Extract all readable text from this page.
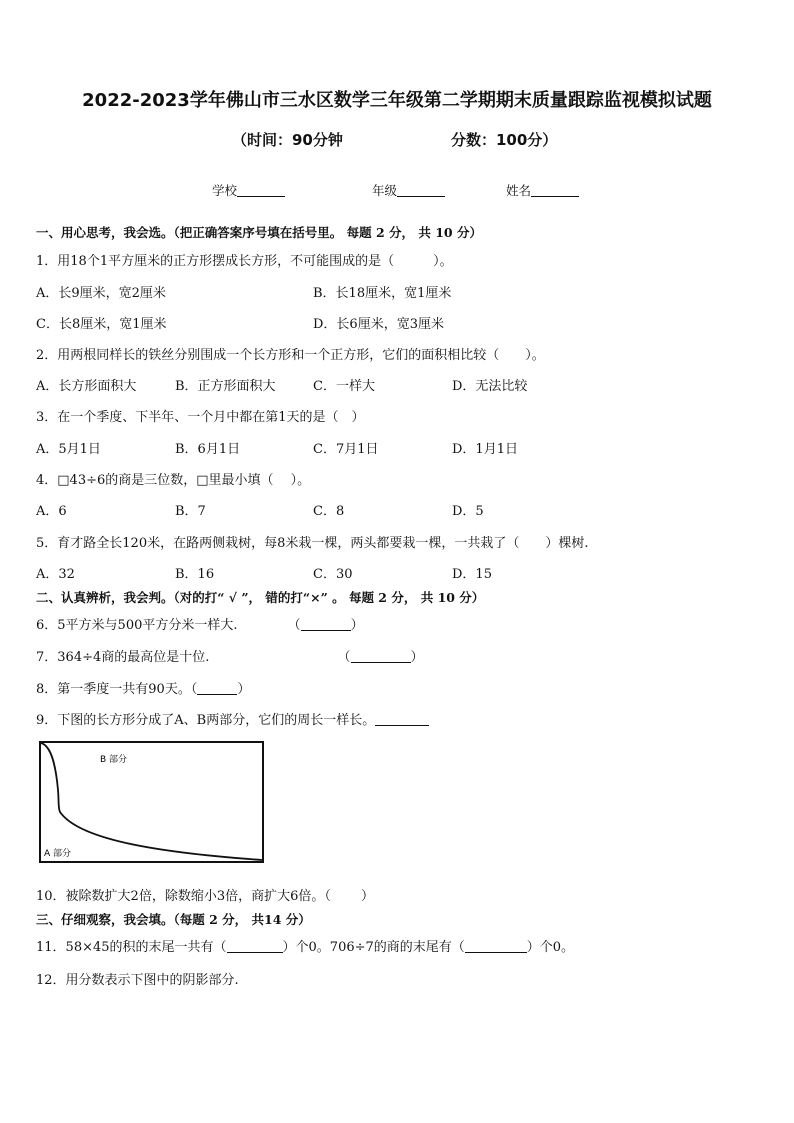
2022-2023学年佛山市三水区数学三年级第二学期期末质量跟踪监视模拟试题
（时间：90分钟	分数：100分）
学校	年级	姓名
一、用心思考，我会选。（把正确答案序号填在括号里。 每题 2 分， 共 10 分）
1．用18个1平方厘米的正方形摆成长方形，不可能围成的是（　　　）。
A．长9厘米，宽2厘米	B．长18厘米，宽1厘米
C．长8厘米，宽1厘米	D．长6厘米，宽3厘米
2．用两根同样长的铁丝分别围成一个长方形和一个正方形，它们的面积相比较（　　）。
A．长方形面积大	B．正方形面积大	C．一样大	D．无法比较
3．在一个季度、下半年、一个月中都在第1天的是（　）
A．5月1日	B．6月1日	C．7月1日	D．1月1日
4．□43÷6的商是三位数，□里最小填（　 ）。
A．6	B．7	C．8	D．5
5．育才路全长120米，在路两侧栽树，每8米栽一棵，两头都要栽一棵，一共栽了（　　）棵树.
A．32	B．16	C．30	D．15
二、认真辨析，我会判。（对的打“ √ ”， 错的打“×” 。 每题 2 分， 共 10 分）
6．5平方米与500平方分米一样大.	（	）
7．364÷4商的最高位是十位.	（	）
8．第一季度一共有90天。（	）
9．下图的长方形分成了A、B两部分，它们的周长一样长。
B 部分
A 部分
10．被除数扩大2倍，除数缩小3倍，商扩大6倍。（　　 ）
三、仔细观察，我会填。（每题 2 分， 共14 分）
11．58×45的积的末尾一共有（	）个0。706÷7的商的末尾有（	）个0。
12．用分数表示下图中的阴影部分.
